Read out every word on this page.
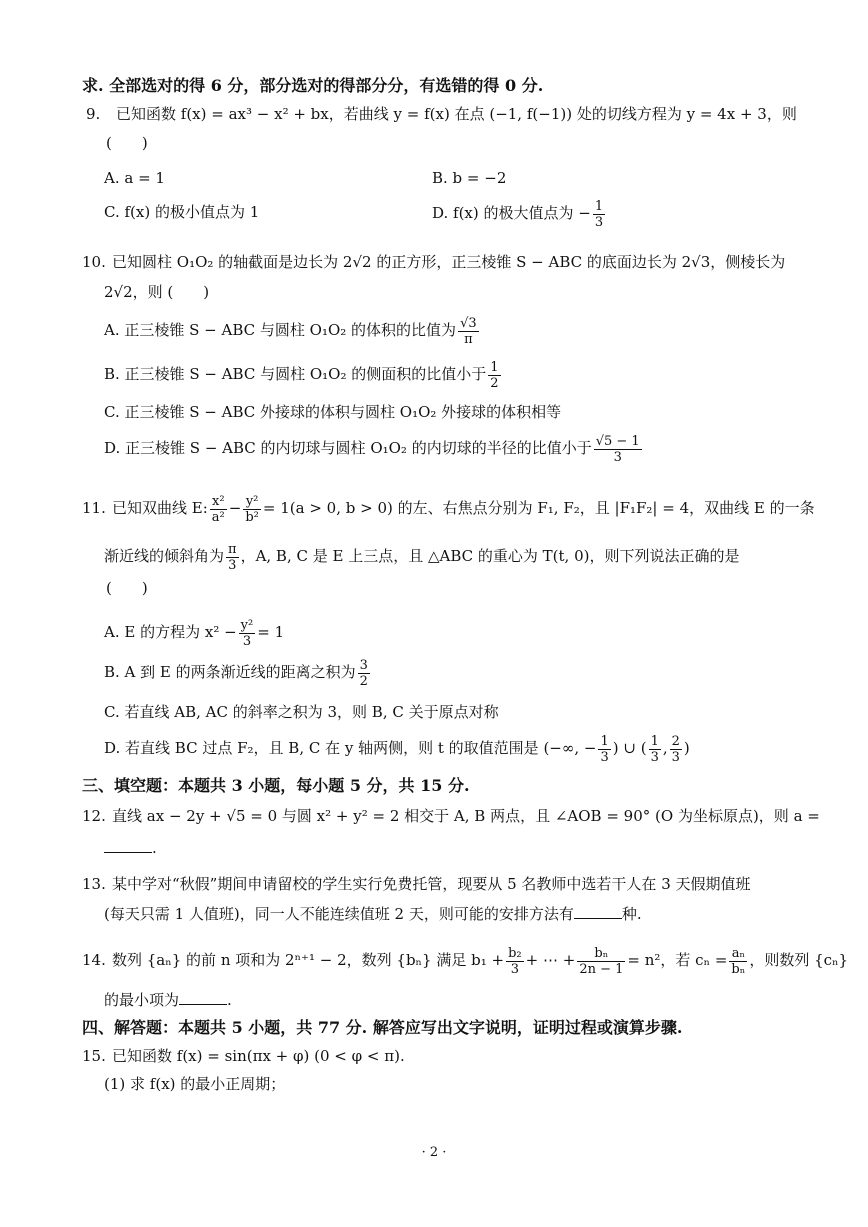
求. 全部选对的得 6 分，部分选对的得部分分，有选错的得 0 分.
9. 已知函数 f(x) = ax³ − x² + bx，若曲线 y = f(x) 在点 (−1, f(−1)) 处的切线方程为 y = 4x + 3，则
(　　)
A. a = 1	B. b = −2
C. f(x) 的极小值点为 1	D. f(x) 的极大值点为 − $\frac{1}{3}$
10. 已知圆柱 O₁O₂ 的轴截面是边长为 2√2 的正方形，正三棱锥 S − ABC 的底面边长为 2√3，侧棱长为
2√2，则 (　　)
A. 正三棱锥 S − ABC 与圆柱 O₁O₂ 的体积的比值为 $\frac{√3}{\pi}$
B. 正三棱锥 S − ABC 与圆柱 O₁O₂ 的侧面积的比值小于 $\frac{1}{2}$
C. 正三棱锥 S − ABC 外接球的体积与圆柱 O₁O₂ 外接球的体积相等
D. 正三棱锥 S − ABC 的内切球与圆柱 O₁O₂ 的内切球的半径的比值小于 $\frac{√5 - 1}{3}$
11. 已知双曲线 E: $\frac{\text{x²}}{\text{a²}} - \frac{\text{y²}}{\text{b²}} = 1(a > 0$, b > 0) 的左、右焦点分别为 F₁, F₂，且 |F₁F₂| = 4，双曲线 E 的一条
渐近线的倾斜角为 $\frac{\pi}{3}$ ，A, B, C 是 E 上三点，且 △ABC 的重心为 T(t, 0)，则下列说法正确的是
(　　)
A. E 的方程为 $x^2 - \frac{\text{y²}}{3} = 1$
B. A 到 E 的两条渐近线的距离之积为 $\frac{3}{2}$
C. 若直线 AB, AC 的斜率之积为 3，则 B, C 关于原点对称
D. 若直线 BC 过点 F₂，且 B, C 在 y 轴两侧，则 t 的取值范围是 (−∞, − $\frac{1}{3}$ ) ∪ ( $\frac{1}{3}$ , $\frac{2}{3}$ )
三、填空题：本题共 3 小题，每小题 5 分，共 15 分.
12. 直线 ax − 2y + √5 = 0 与圆 x² + y² = 2 相交于 A, B 两点，且 ∠AOB = 90° (O 为坐标原点)，则 a =
.
13. 某中学对“秋假”期间申请留校的学生实行免费托管，现要从 5 名教师中选若干人在 3 天假期值班
(每天只需 1 人值班)，同一人不能连续值班 2 天，则可能的安排方法有	种.
14. 数列 {aₙ} 的前 n 项和为 2ⁿ⁺¹ − 2，数列 {bₙ} 满足 $b_1 + \frac{\text{b₂}}{3}$ + ⋯ + $\frac{\text{bₙ}}{2n - 1} = n^2$，若 $c_n = \frac{\text{aₙ}}{\text{bₙ}}$ ，则数列 {cₙ}
的最小项为	.
四、解答题：本题共 5 小题，共 77 分. 解答应写出文字说明，证明过程或演算步骤.
15. 已知函数 f(x) = sin(πx + φ) (0 < φ < π).
(1) 求 f(x) 的最小正周期；
· 2 ·
